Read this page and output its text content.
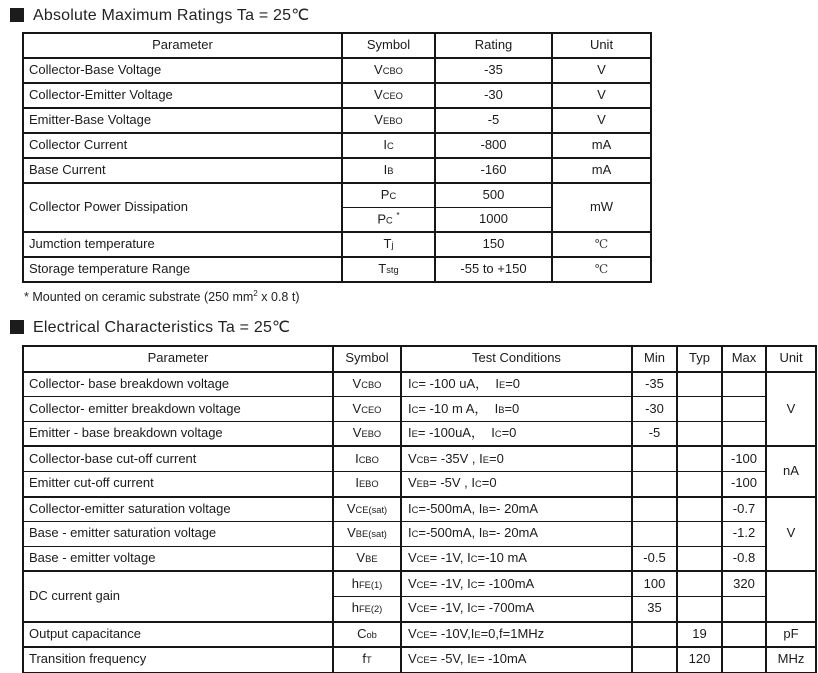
Absolute Maximum Ratings Ta = 25℃
Parameter	Symbol	Rating	Unit
Collector-Base Voltage	VCBO	-35	V
Collector-Emitter Voltage	VCEO	-30	V
Emitter-Base Voltage	VEBO	-5	V
Collector Current	IC	-800	mA
Base Current	IB	-160	mA
Collector Power Dissipation	PC	500	mW
	PC *	1000	
Jumction temperature	Tj	150	℃
Storage temperature Range	Tstg	-55 to +150	℃
* Mounted on ceramic substrate (250 $mm^2$ x 0.8 t)
Electrical Characteristics Ta = 25℃
Parameter	Symbol	Test Conditions	Min	Typ	Max	Unit
Collector- base breakdown voltage	VCBO	IC= -100 uA，  IE=0	-35			V
Collector- emitter breakdown voltage	VCEO	IC= -10 m A，  IB=0	-30			
Emitter - base breakdown voltage	VEBO	IE= -100uA，  IC=0	-5			
Collector-base cut-off current	ICBO	VCB= -35V , IE=0			-100	nA
Emitter cut-off current	IEBO	VEB= -5V , IC=0			-100	
Collector-emitter saturation voltage	VCE(sat)	IC=-500mA, IB=- 20mA			-0.7	V
Base - emitter saturation voltage	VBE(sat)	IC=-500mA, IB=- 20mA			-1.2	
Base - emitter voltage	VBE	VCE= -1V, IC=-10 mA	-0.5		-0.8	
DC current gain	hFE(1)	VCE= -1V, IC= -100mA	100		320	
	hFE(2)	VCE= -1V, IC= -700mA	35			
Output capacitance	Cob	VCE= -10V,IE=0,f=1MHz		19		pF
Transition frequency	fT	VCE= -5V, IE= -10mA		120		MHz
